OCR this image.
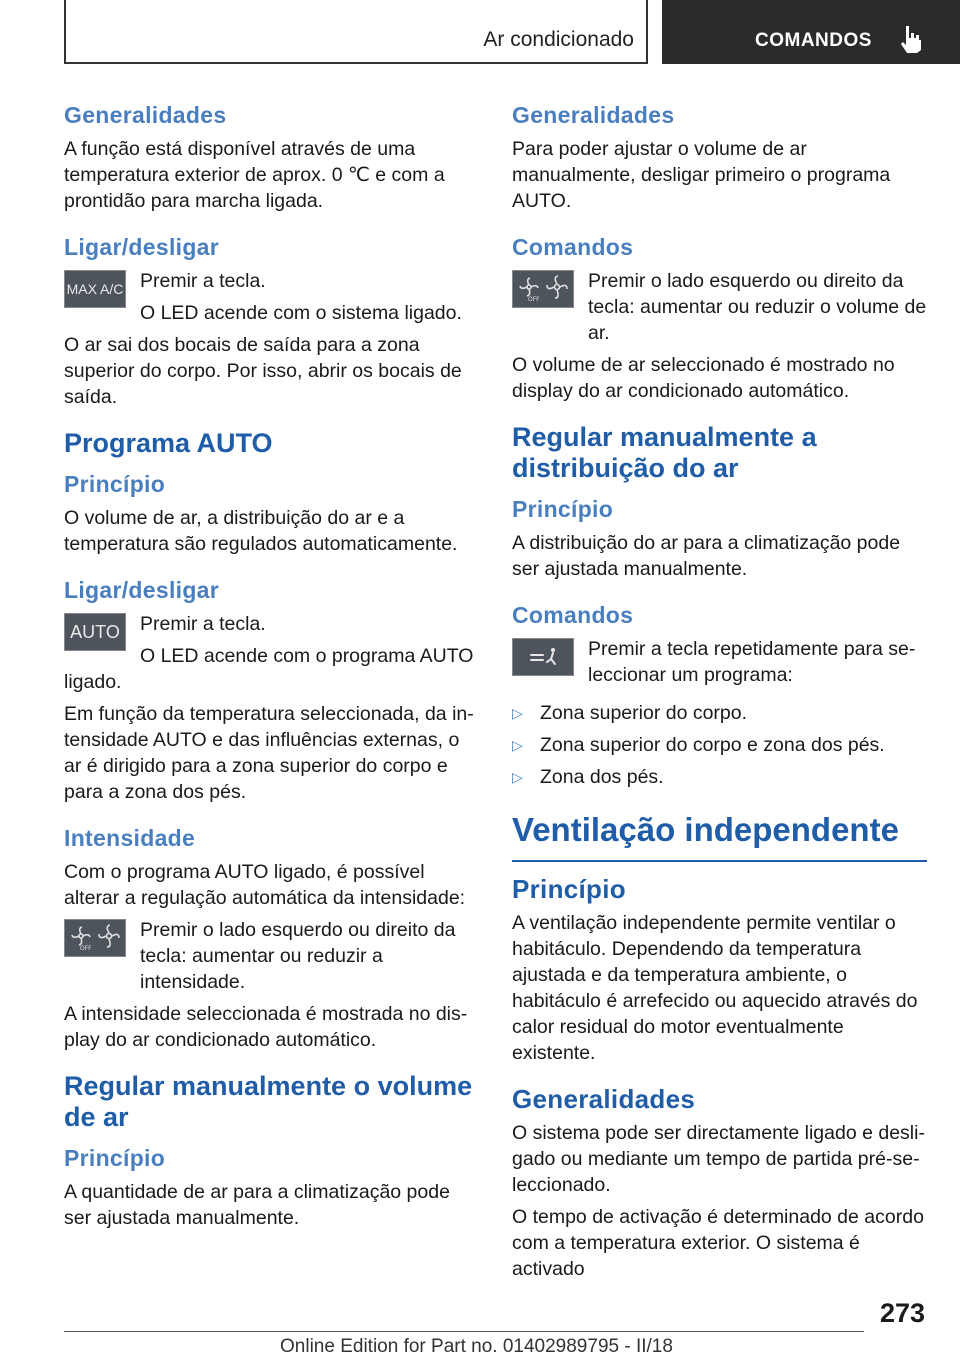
Ar condicionado	COMANDOS
Generalidades

A função está disponível através de uma temperatura exterior de aprox. 0 ℃ e com a prontidão para marcha ligada.

Ligar/desligar
MAX A/C Premir a tecla.

O LED acende com o sistema ligado.

O ar sai dos bocais de saída para a zona superior do corpo. Por isso, abrir os bocais de saída.

Programa AUTO
Princípio

O volume de ar, a distribuição do ar e a temperatura são regulados automaticamente.

Ligar/desligar
AUTO	Premir a tecla.

O LED acende com o programa AUTO ligado.

Em função da temperatura seleccionada, da intensidade AUTO e das influências externas, o ar é dirigido para a zona superior do corpo e para a zona dos pés.

Intensidade

Com o programa AUTO ligado, é possível alterar a regulação automática da intensidade:

OFF

Premir o lado esquerdo ou direito da tecla: aumentar ou reduzir a intensidade.

A intensidade seleccionada é mostrada no display do ar condicionado automático.

Regular manualmente o volume de ar
Princípio

A quantidade de ar para a climatização pode ser ajustada manualmente.

Generalidades

Para poder ajustar o volume de ar manualmente, desligar primeiro o programa AUTO.

Comandos
OFF

Premir o lado esquerdo ou direito da tecla: aumentar ou reduzir o volume de ar.

O volume de ar seleccionado é mostrado no display do ar condicionado automático.

Regular manualmente a distribuição do ar
Princípio

A distribuição do ar para a climatização pode ser ajustada manualmente.

Comandos

Premir a tecla repetidamente para seleccionar um programa:

▷ Zona superior do corpo.
▷ Zona superior do corpo e zona dos pés.
▷ Zona dos pés.
Ventilação independente
Princípio

A ventilação independente permite ventilar o habitáculo. Dependendo da temperatura ajustada e da temperatura ambiente, o habitáculo é arrefecido ou aquecido através do calor residual do motor eventualmente existente.

Generalidades

O sistema pode ser directamente ligado e desligado ou mediante um tempo de partida pré-seleccionado.

O tempo de activação é determinado de acordo com a temperatura exterior. O sistema é activado

273
Online Edition for Part no. 01402989795 - II/18
